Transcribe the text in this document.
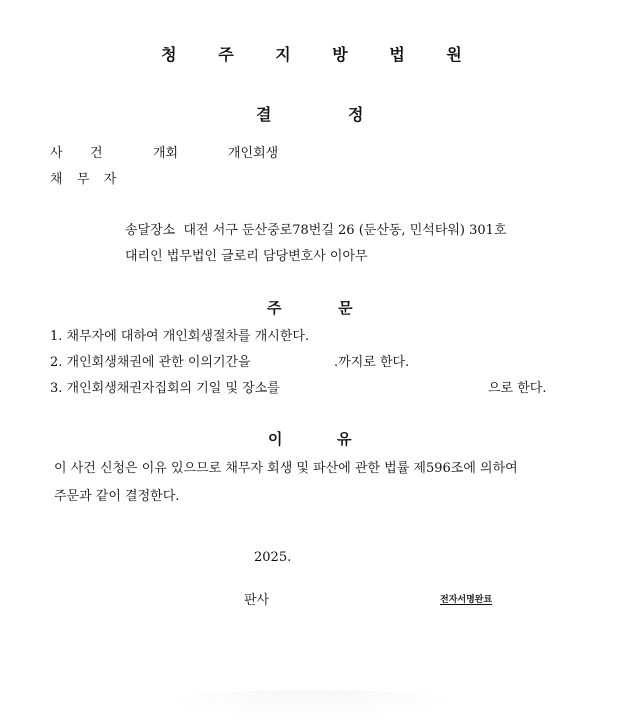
청	주	지	방	법	원
결	정
사 건	개회	개인회생
채 무 자
송달장소  대전 서구 둔산중로78번길 26 (둔산동, 민석타워) 301호
대리인 법무법인 글로리 담당변호사 이아무
주	문
1. 채무자에 대하여 개인회생절차를 개시한다.
2. 개인회생채권에 관한 이의기간을	.까지로 한다.
3. 개인회생채권자집회의 기일 및 장소를	으로 한다.
이	유
이 사건 신청은 이유 있으므로 채무자 회생 및 파산에 관한 법률 제596조에 의하여
주문과 같이 결정한다.
2025.
판사	전자서명완료
